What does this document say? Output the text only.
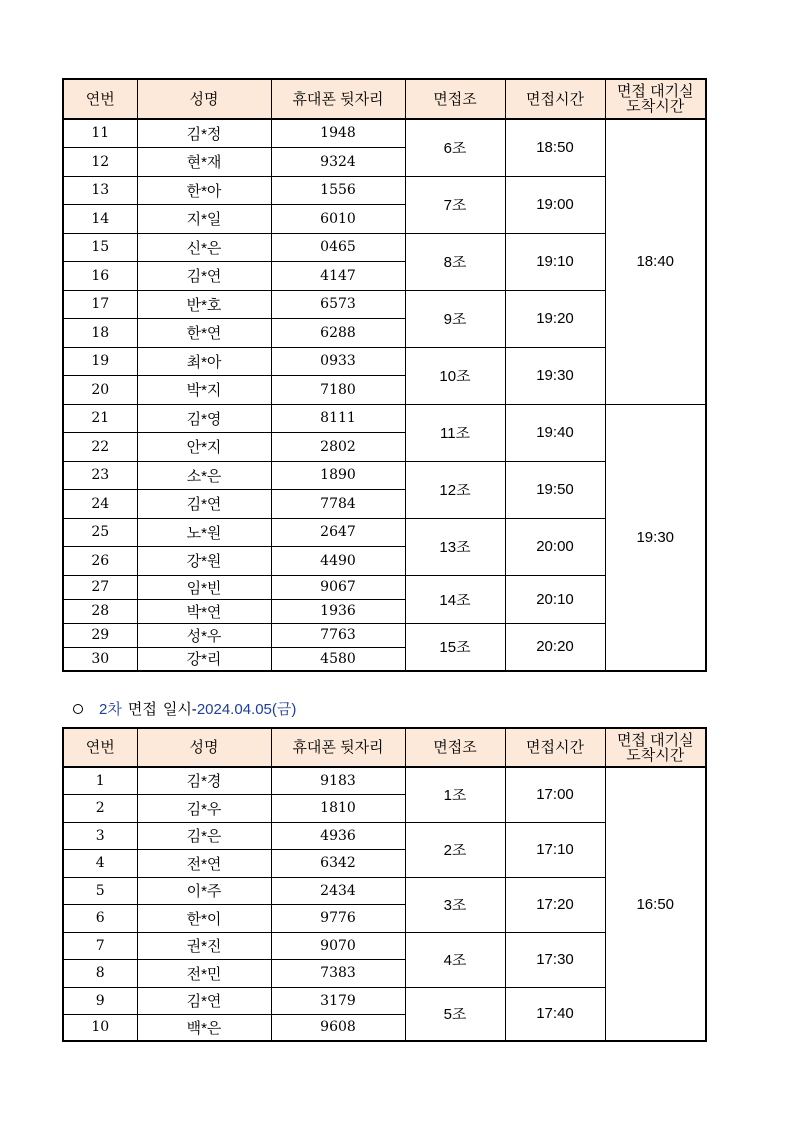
연번	성명	휴대폰 뒷자리	면접조	면접시간	면접 대기실
도착시간
11	김*정	1948	6조	18:50	18:40
12	현*재	9324			
13	한*아	1556	7조	19:00	
14	지*일	6010			
15	신*은	0465	8조	19:10	
16	김*연	4147			
17	반*호	6573	9조	19:20	
18	한*연	6288			
19	최*아	0933	10조	19:30	
20	박*지	7180			
21	김*영	8111	11조	19:40	19:30
22	안*지	2802			
23	소*은	1890	12조	19:50	
24	김*연	7784			
25	노*원	2647	13조	20:00	
26	강*원	4490			
27	임*빈	9067	14조	20:10	
28	박*연	1936			
29	성*우	7763	15조	20:20	
30	강*리	4580			
2차 면접 일시- 2024.04.05(금)
연번	성명	휴대폰 뒷자리	면접조	면접시간	면접 대기실
도착시간
1	김*경	9183	1조	17:00	16:50
2	김*우	1810			
3	김*은	4936	2조	17:10	
4	전*연	6342			
5	이*주	2434	3조	17:20	
6	한*이	9776			
7	권*진	9070	4조	17:30	
8	전*민	7383			
9	김*연	3179	5조	17:40	
10	백*은	9608			
